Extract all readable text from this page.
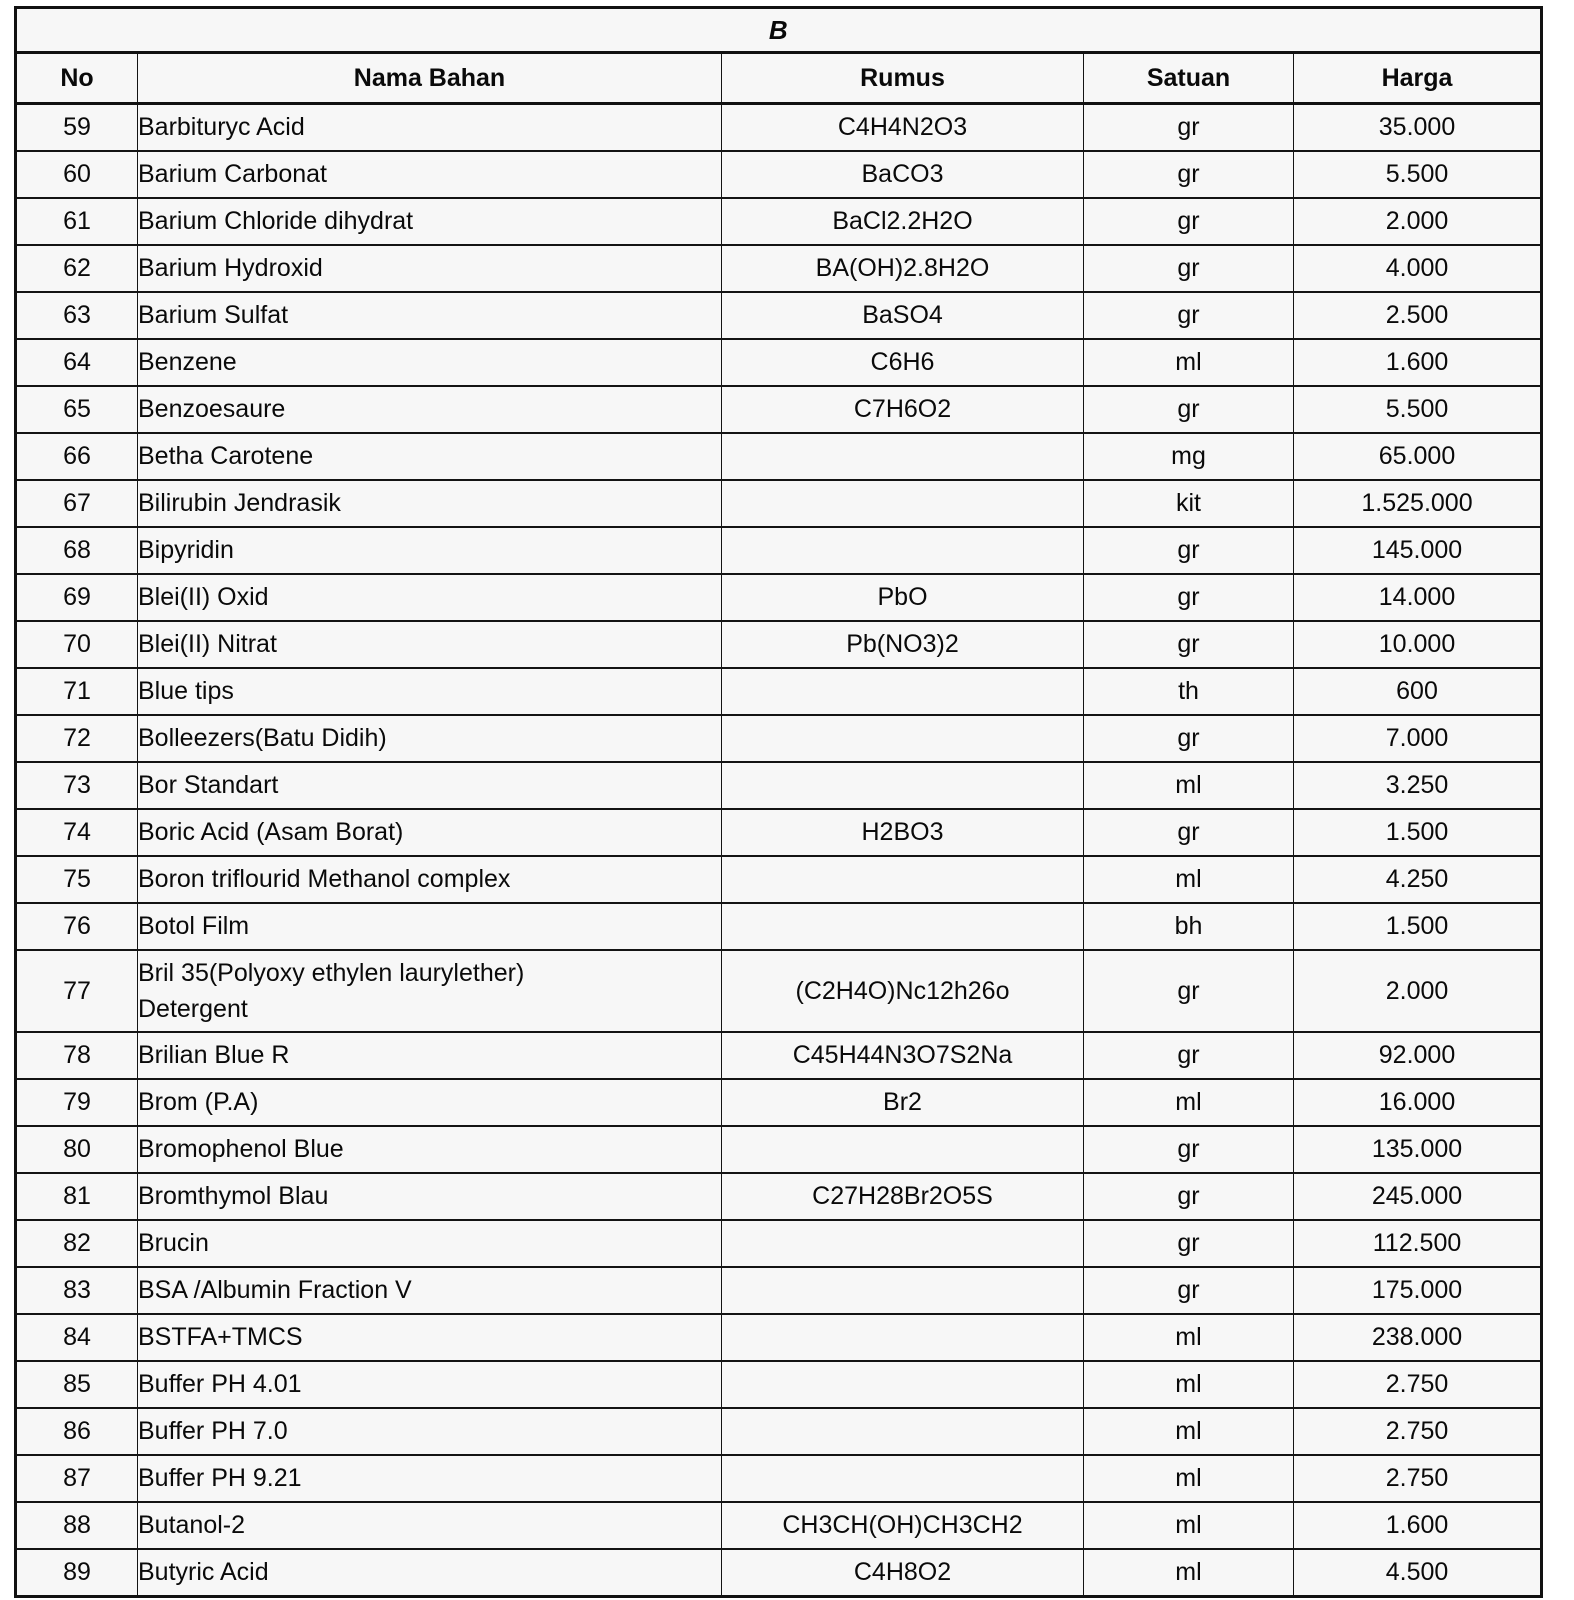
B				
No	Nama Bahan	Rumus	Satuan	Harga
59	Barbituryc Acid	C4H4N2O3	gr	35.000
60	Barium Carbonat	BaCO3	gr	5.500
61	Barium Chloride dihydrat	BaCl2.2H2O	gr	2.000
62	Barium Hydroxid	BA(OH)2.8H2O	gr	4.000
63	Barium Sulfat	BaSO4	gr	2.500
64	Benzene	C6H6	ml	1.600
65	Benzoesaure	C7H6O2	gr	5.500
66	Betha Carotene		mg	65.000
67	Bilirubin Jendrasik		kit	1.525.000
68	Bipyridin		gr	145.000
69	Blei(II) Oxid	PbO	gr	14.000
70	Blei(II) Nitrat	Pb(NO3)2	gr	10.000
71	Blue tips		th	600
72	Bolleezers(Batu Didih)		gr	7.000
73	Bor Standart		ml	3.250
74	Boric Acid (Asam Borat)	H2BO3	gr	1.500
75	Boron triflourid Methanol complex		ml	4.250
76	Botol Film		bh	1.500
77	Bril 35(Polyoxy ethylen laurylether)
Detergent	(C2H4O)Nc12h26o	gr	2.000
78	Brilian Blue R	C45H44N3O7S2Na	gr	92.000
79	Brom (P.A)	Br2	ml	16.000
80	Bromophenol Blue		gr	135.000
81	Bromthymol Blau	C27H28Br2O5S	gr	245.000
82	Brucin		gr	112.500
83	BSA /Albumin Fraction V		gr	175.000
84	BSTFA+TMCS		ml	238.000
85	Buffer PH 4.01		ml	2.750
86	Buffer PH 7.0		ml	2.750
87	Buffer PH 9.21		ml	2.750
88	Butanol-2	CH3CH(OH)CH3CH2	ml	1.600
89	Butyric Acid	C4H8O2	ml	4.500
